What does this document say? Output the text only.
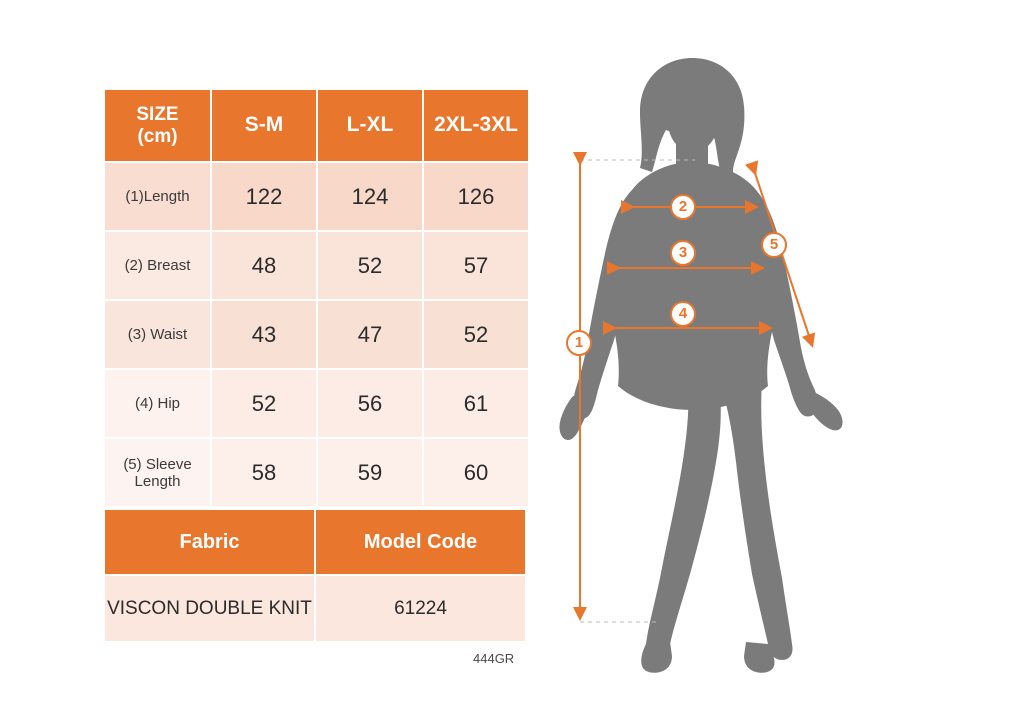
SIZE
(cm)	S-M	L-XL	2XL-3XL
(1)Length	122	124	126
(2) Breast	48	52	57
(3) Waist	43	47	52
(4) Hip	52	56	61
(5) Sleeve Length	58	59	60
Fabric	Model Code
VISCON DOUBLE KNIT	61224
444GR
2
3
4
1
5
